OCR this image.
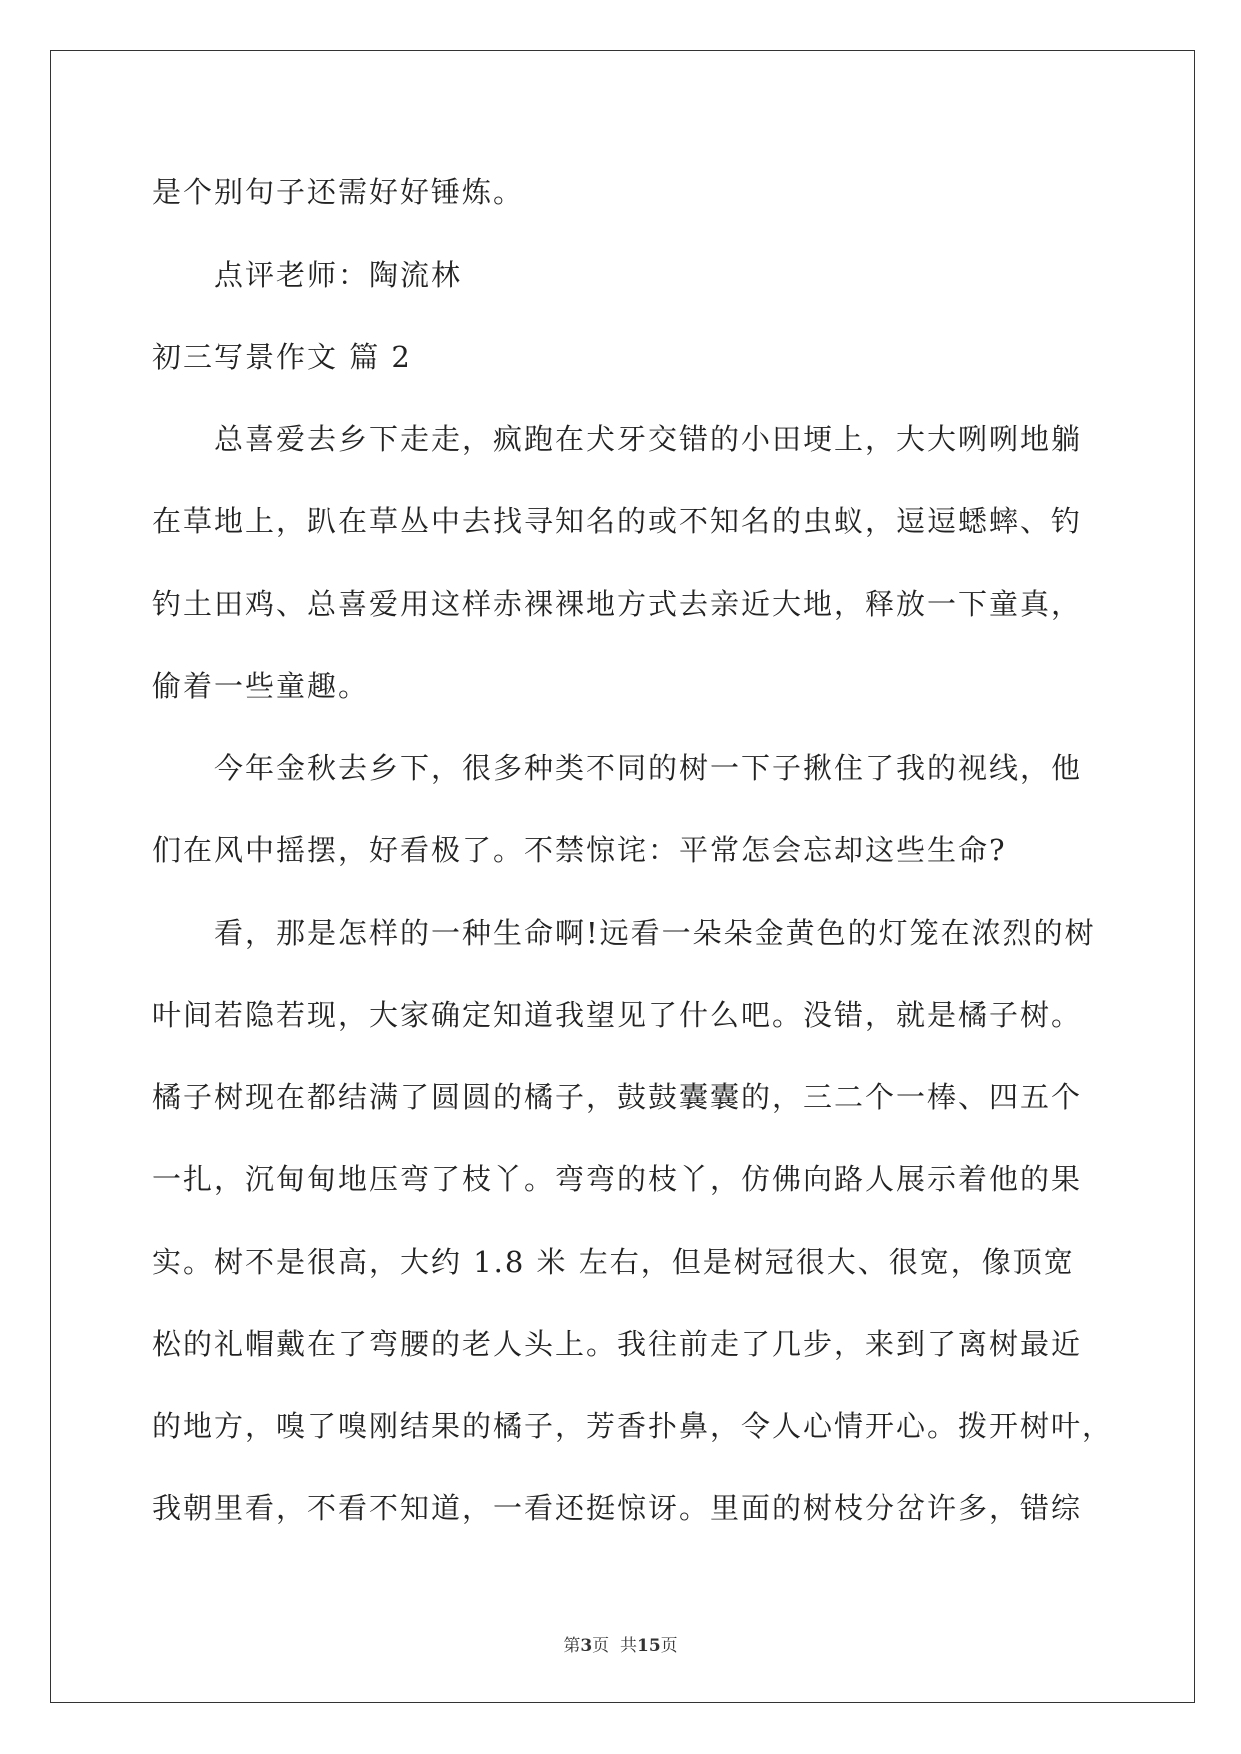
是个别句子还需好好锤炼。
点评老师：陶流林
初三写景作文 篇 2
总喜爱去乡下走走，疯跑在犬牙交错的小田埂上，大大咧咧地躺
在草地上，趴在草丛中去找寻知名的或不知名的虫蚁，逗逗蟋蟀、钓
钓土田鸡、总喜爱用这样赤裸裸地方式去亲近大地，释放一下童真，
偷着一些童趣。
今年金秋去乡下，很多种类不同的树一下子揪住了我的视线，他
们在风中摇摆，好看极了。不禁惊诧：平常怎会忘却这些生命?
看，那是怎样的一种生命啊!远看一朵朵金黄色的灯笼在浓烈的树
叶间若隐若现，大家确定知道我望见了什么吧。没错，就是橘子树。
橘子树现在都结满了圆圆的橘子，鼓鼓囊囊的，三二个一棒、四五个
一扎，沉甸甸地压弯了枝丫。弯弯的枝丫，仿佛向路人展示着他的果
实。树不是很高，大约 1.8 米 左右，但是树冠很大、很宽，像顶宽
松的礼帽戴在了弯腰的老人头上。我往前走了几步，来到了离树最近
的地方，嗅了嗅刚结果的橘子，芳香扑鼻，令人心情开心。拨开树叶，
我朝里看，不看不知道，一看还挺惊讶。里面的树枝分岔许多，错综
第3页  共15页
